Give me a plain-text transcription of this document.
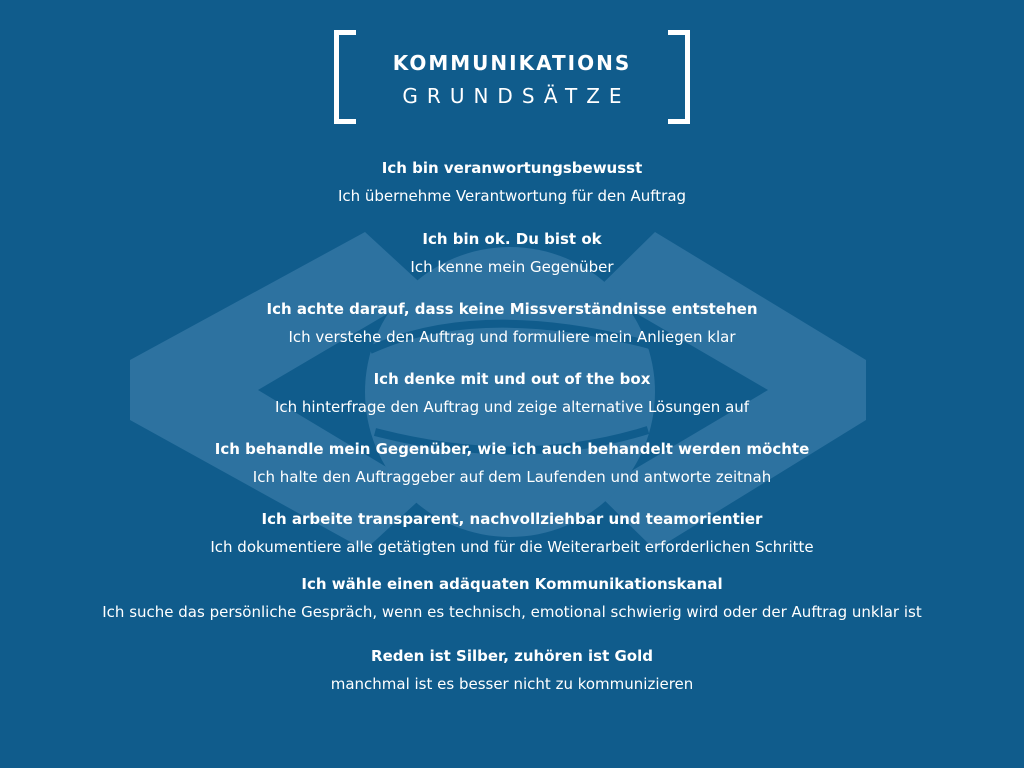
KOMMUNIKATIONS
GRUNDSÄTZE
Ich bin veranwortungsbewusst
Ich übernehme Verantwortung für den Auftrag
Ich bin ok. Du bist ok
Ich kenne mein Gegenüber
Ich achte darauf, dass keine Missverständnisse entstehen
Ich verstehe den Auftrag und formuliere mein Anliegen klar
Ich denke mit und out of the box
Ich hinterfrage den Auftrag und zeige alternative Lösungen auf
Ich behandle mein Gegenüber, wie ich auch behandelt werden möchte
Ich halte den Auftraggeber auf dem Laufenden und antworte zeitnah
Ich arbeite transparent, nachvollziehbar und teamorientier
Ich dokumentiere alle getätigten und für die Weiterarbeit erforderlichen Schritte
Ich wähle einen adäquaten Kommunikationskanal
Ich suche das persönliche Gespräch, wenn es technisch, emotional schwierig wird oder der Auftrag unklar ist
Reden ist Silber, zuhören ist Gold
manchmal ist es besser nicht zu kommunizieren
